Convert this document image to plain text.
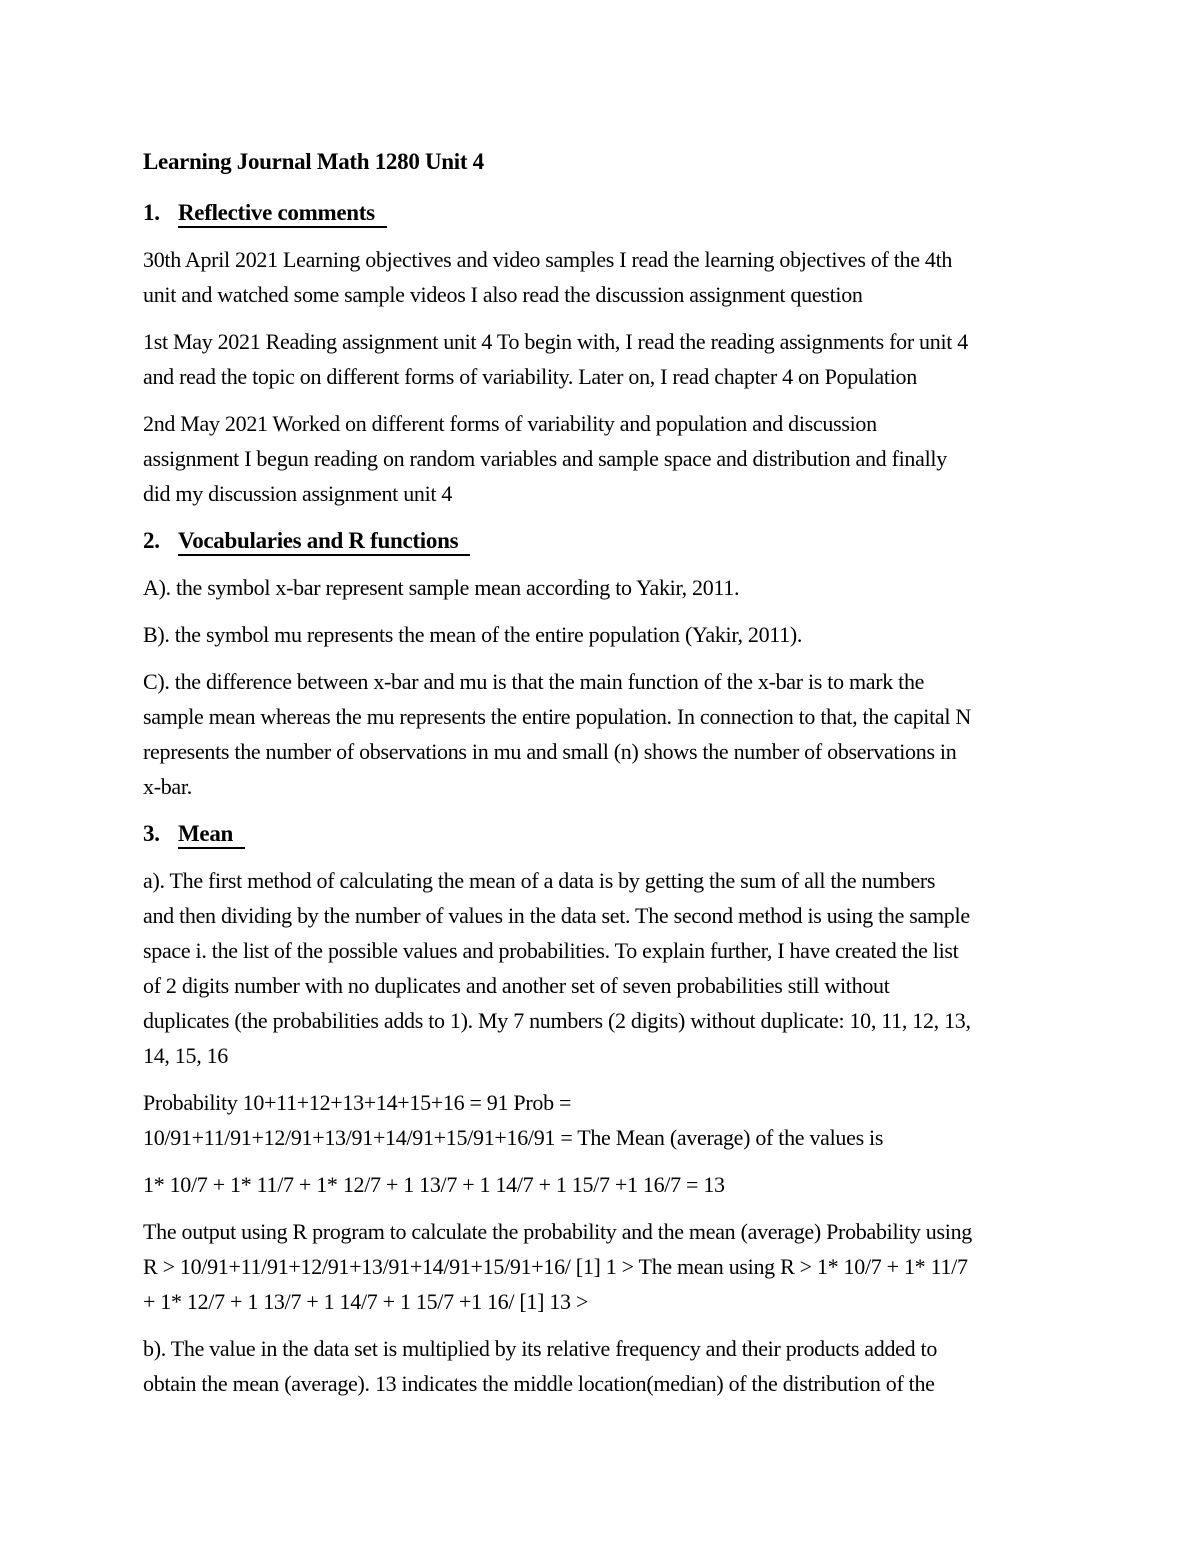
Learning Journal Math 1280 Unit 4
1. Reflective comments
30th April 2021 Learning objectives and video samples I read the learning objectives of the 4th
unit and watched some sample videos I also read the discussion assignment question
1st May 2021 Reading assignment unit 4 To begin with, I read the reading assignments for unit 4
and read the topic on different forms of variability. Later on, I read chapter 4 on Population
2nd May 2021 Worked on different forms of variability and population and discussion
assignment I begun reading on random variables and sample space and distribution and finally
did my discussion assignment unit 4
2. Vocabularies and R functions
A). the symbol x-bar represent sample mean according to Yakir, 2011.
B). the symbol mu represents the mean of the entire population (Yakir, 2011).
C). the difference between x-bar and mu is that the main function of the x-bar is to mark the
sample mean whereas the mu represents the entire population. In connection to that, the capital N
represents the number of observations in mu and small (n) shows the number of observations in
x-bar.
3. Mean
a). The first method of calculating the mean of a data is by getting the sum of all the numbers
and then dividing by the number of values in the data set. The second method is using the sample
space i. the list of the possible values and probabilities. To explain further, I have created the list
of 2 digits number with no duplicates and another set of seven probabilities still without
duplicates (the probabilities adds to 1). My 7 numbers (2 digits) without duplicate: 10, 11, 12, 13,
14, 15, 16
Probability 10+11+12+13+14+15+16 = 91 Prob =
10/91+11/91+12/91+13/91+14/91+15/91+16/91 = The Mean (average) of the values is
1* 10/7 + 1* 11/7 + 1* 12/7 + 1 13/7 + 1 14/7 + 1 15/7 +1 16/7 = 13
The output using R program to calculate the probability and the mean (average) Probability using
R > 10/91+11/91+12/91+13/91+14/91+15/91+16/ [1] 1 > The mean using R > 1* 10/7 + 1* 11/7
+ 1* 12/7 + 1 13/7 + 1 14/7 + 1 15/7 +1 16/ [1] 13 >
b). The value in the data set is multiplied by its relative frequency and their products added to
obtain the mean (average). 13 indicates the middle location(median) of the distribution of the
